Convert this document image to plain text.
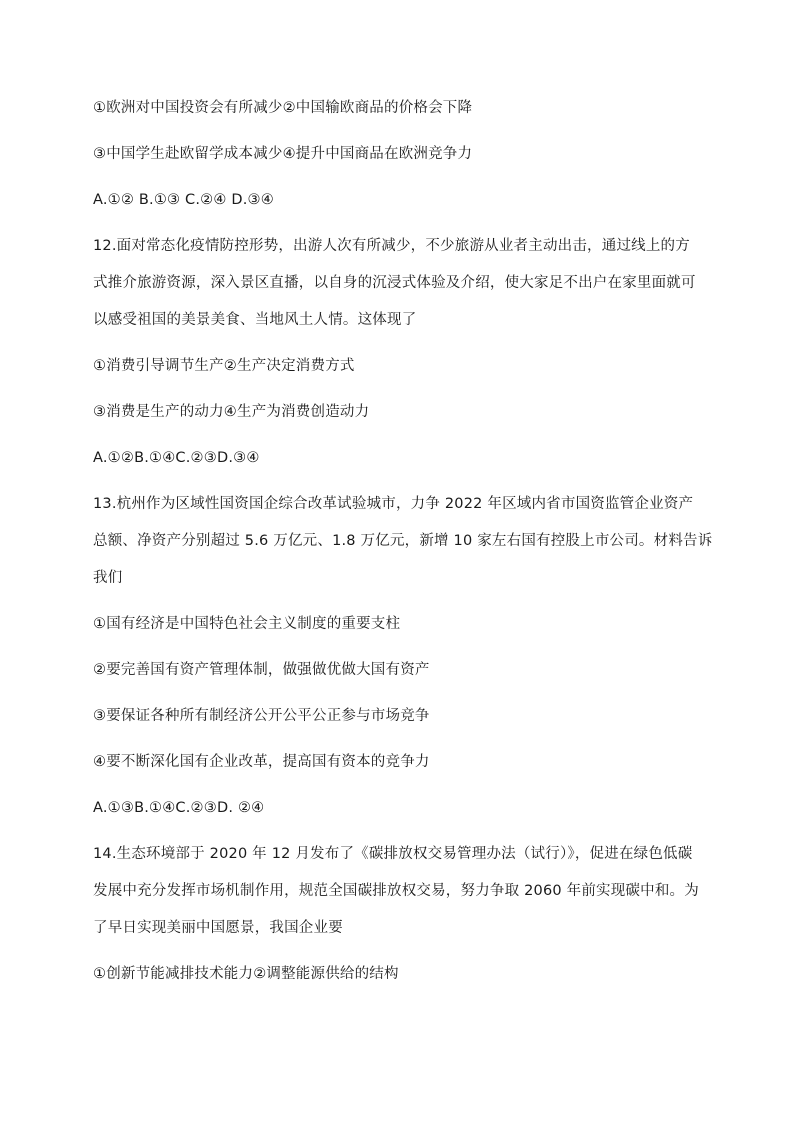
①欧洲对中国投资会有所减少②中国输欧商品的价格会下降
③中国学生赴欧留学成本减少④提升中国商品在欧洲竞争力
A.①② B.①③ C.②④ D.③④
12.面对常态化疫情防控形势，出游人次有所减少，不少旅游从业者主动出击，通过线上的方
式推介旅游资源，深入景区直播，以自身的沉浸式体验及介绍，使大家足不出户在家里面就可
以感受祖国的美景美食、当地风土人情。这体现了
①消费引导调节生产②生产决定消费方式
③消费是生产的动力④生产为消费创造动力
A.①②B.①④C.②③D.③④
13.杭州作为区域性国资国企综合改革试验城市，力争 2022 年区域内省市国资监管企业资产
总额、净资产分别超过 5.6 万亿元、1.8 万亿元，新增 10 家左右国有控股上市公司。材料告诉
我们
①国有经济是中国特色社会主义制度的重要支柱
②要完善国有资产管理体制，做强做优做大国有资产
③要保证各种所有制经济公开公平公正参与市场竞争
④要不断深化国有企业改革，提高国有资本的竞争力
A.①③B.①④C.②③D. ②④
14.生态环境部于 2020 年 12 月发布了《碳排放权交易管理办法（试行）》，促进在绿色低碳
发展中充分发挥市场机制作用，规范全国碳排放权交易，努力争取 2060 年前实现碳中和。为
了早日实现美丽中国愿景，我国企业要
①创新节能减排技术能力②调整能源供给的结构
